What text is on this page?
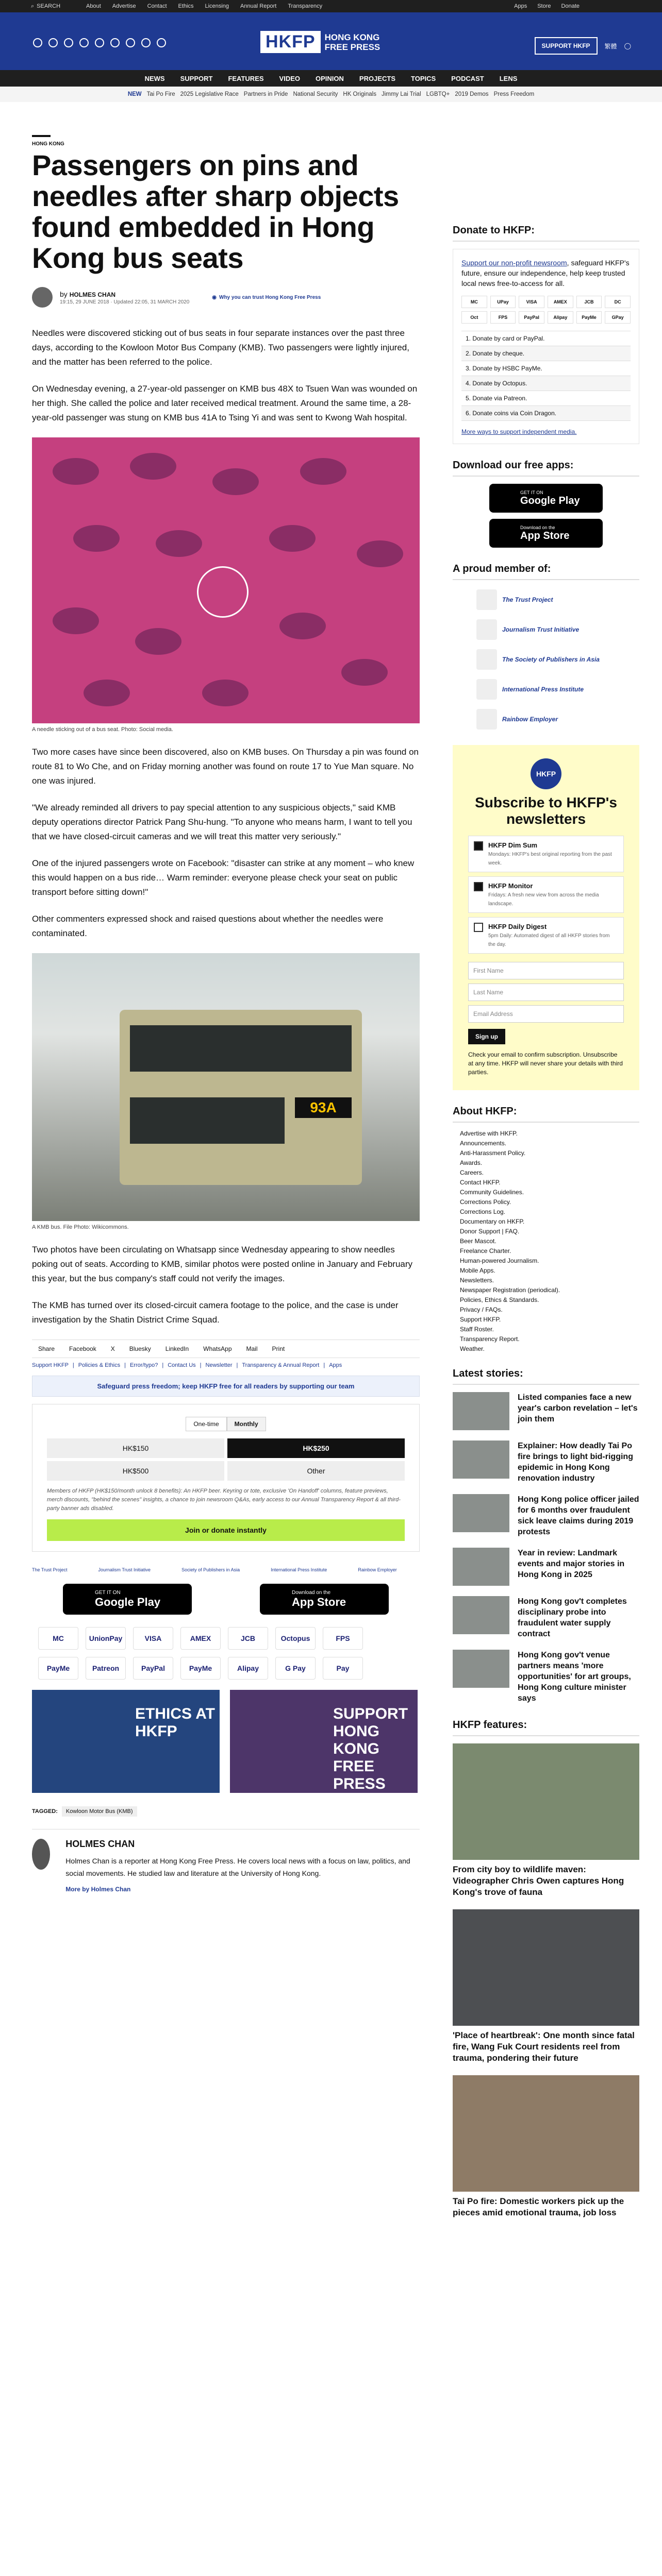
⌕ SEARCH	About Advertise Contact Ethics Licensing Annual Report Transparency	Apps Store Donate
HKFP	HONG KONG
FREE PRESS	SUPPORT HKFP	繁體 ◯
NEWS SUPPORT FEATURES VIDEO OPINION PROJECTS TOPICS PODCAST LENS
NEW Tai Po Fire 2025 Legislative Race Partners in Pride National Security HK Originals Jimmy Lai Trial LGBTQ+ 2019 Demos Press Freedom
HONG KONG
Passengers on pins and needles after sharp objects found embedded in Hong Kong bus seats
by HOLMES CHAN
19:15, 29 JUNE 2018 · Updated 22:05, 31 MARCH 2020
◉ Why you can trust Hong Kong Free Press

Needles were discovered sticking out of bus seats in four separate instances over the past three days, according to the Kowloon Motor Bus Company (KMB). Two passengers were lightly injured, and the matter has been referred to the police.

On Wednesday evening, a 27-year-old passenger on KMB bus 48X to Tsuen Wan was wounded on her thigh. She called the police and later received medical treatment. Around the same time, a 28-year-old passenger was stung on KMB bus 41A to Tsing Yi and was sent to Kwong Wah hospital.

A needle sticking out of a bus seat. Photo: Social media.

Two more cases have since been discovered, also on KMB buses. On Thursday a pin was found on route 81 to Wo Che, and on Friday morning another was found on route 17 to Yue Man square. No one was injured.

"We already reminded all drivers to pay special attention to any suspicious objects," said KMB deputy operations director Patrick Pang Shu-hung. "To anyone who means harm, I want to tell you that we have closed-circuit cameras and we will treat this matter very seriously."

One of the injured passengers wrote on Facebook: "disaster can strike at any moment – who knew this would happen on a bus ride… Warm reminder: everyone please check your seat on public transport before sitting down!"

Other commenters expressed shock and raised questions about whether the needles were contaminated.

93A
A KMB bus. File Photo: Wikicommons.

Two photos have been circulating on Whatsapp since Wednesday appearing to show needles poking out of seats. According to KMB, similar photos were posted online in January and February this year, but the bus company's staff could not verify the images.

The KMB has turned over its closed-circuit camera footage to the police, and the case is under investigation by the Shatin District Crime Squad.

Share Facebook X Bluesky LinkedIn WhatsApp Mail Print
Support HKFP | Policies & Ethics | Error/typo? | Contact Us | Newsletter | Transparency & Annual Report | Apps
Safeguard press freedom; keep HKFP free for all readers by supporting our team
One-time	Monthly
HK$150	HK$250
HK$500	Other
Members of HKFP (HK$150/month unlock 8 benefits): An HKFP beer. Keyring or tote, exclusive 'On Handoff' columns, feature previews, merch discounts, "behind the scenes" insights, a chance to join newsroom Q&As, early access to our Annual Transparency Report & all third-party banner ads disabled.
Join or donate instantly
The Trust Project	Journalism Trust Initiative	Society of Publishers in Asia	International Press Institute	Rainbow Employer
GET IT ON
Google Play
Download on the
App Store
MC	UnionPay	VISA	AMEX	JCB	Octopus	FPS
PayMe	Patreon	PayPal	PayMe	Alipay	G Pay	Pay
ETHICS AT HKFP
SUPPORT HONG KONG FREE PRESS
TAGGED:	Kowloon Motor Bus (KMB)
HOLMES CHAN

Holmes Chan is a reporter at Hong Kong Free Press. He covers local news with a focus on law, politics, and social movements. He studied law and literature at the University of Hong Kong.

More by Holmes Chan
Donate to HKFP:

Support our non-profit newsroom, safeguard HKFP's future, ensure our independence, help keep trusted local news free-to-access for all.

MC	UPay	VISA	AMEX	JCB	DC
Oct	FPS	PayPal	Alipay	PayMe	GPay
1. Donate by card or PayPal.
2. Donate by cheque.
3. Donate by HSBC PayMe.
4. Donate by Octopus.
5. Donate via Patreon.
6. Donate coins via Coin Dragon.
More ways to support independent media.
Download our free apps:
GET IT ON
Google Play
Download on the
App Store
A proud member of:
The Trust Project
Journalism Trust Initiative
The Society of Publishers in Asia
International Press Institute
Rainbow Employer
HKFP
Subscribe to HKFP's newsletters
HKFP Dim Sum
Mondays: HKFP's best original reporting from the past week.
HKFP Monitor
Fridays: A fresh new view from across the media landscape.
HKFP Daily Digest
5pm Daily: Automated digest of all HKFP stories from the day.
First Name
Last Name
Email Address
Sign up
Check your email to confirm subscription. Unsubscribe at any time. HKFP will never share your details with third parties.
About HKFP:
Advertise with HKFP.
Announcements.
Anti-Harassment Policy.
Awards.
Careers.
Contact HKFP.
Community Guidelines.
Corrections Policy.
Corrections Log.
Documentary on HKFP.
Donor Support | FAQ.
Beer Mascot.
Freelance Charter.
Human-powered Journalism.
Mobile Apps.
Newsletters.
Newspaper Registration (periodical).
Policies, Ethics & Standards.
Privacy / FAQs.
Support HKFP.
Staff Roster.
Transparency Report.
Weather.
Latest stories:
Listed companies face a new year's carbon revelation – let's join them
Explainer: How deadly Tai Po fire brings to light bid-rigging epidemic in Hong Kong renovation industry
Hong Kong police officer jailed for 6 months over fraudulent sick leave claims during 2019 protests
Year in review: Landmark events and major stories in Hong Kong in 2025
Hong Kong gov't completes disciplinary probe into fraudulent water supply contract
Hong Kong gov't venue partners means 'more opportunities' for art groups, Hong Kong culture minister says
HKFP features:
From city boy to wildlife maven: Videographer Chris Owen captures Hong Kong's trove of fauna
'Place of heartbreak': One month since fatal fire, Wang Fuk Court residents reel from trauma, pondering their future
Tai Po fire: Domestic workers pick up the pieces amid emotional trauma, job loss
